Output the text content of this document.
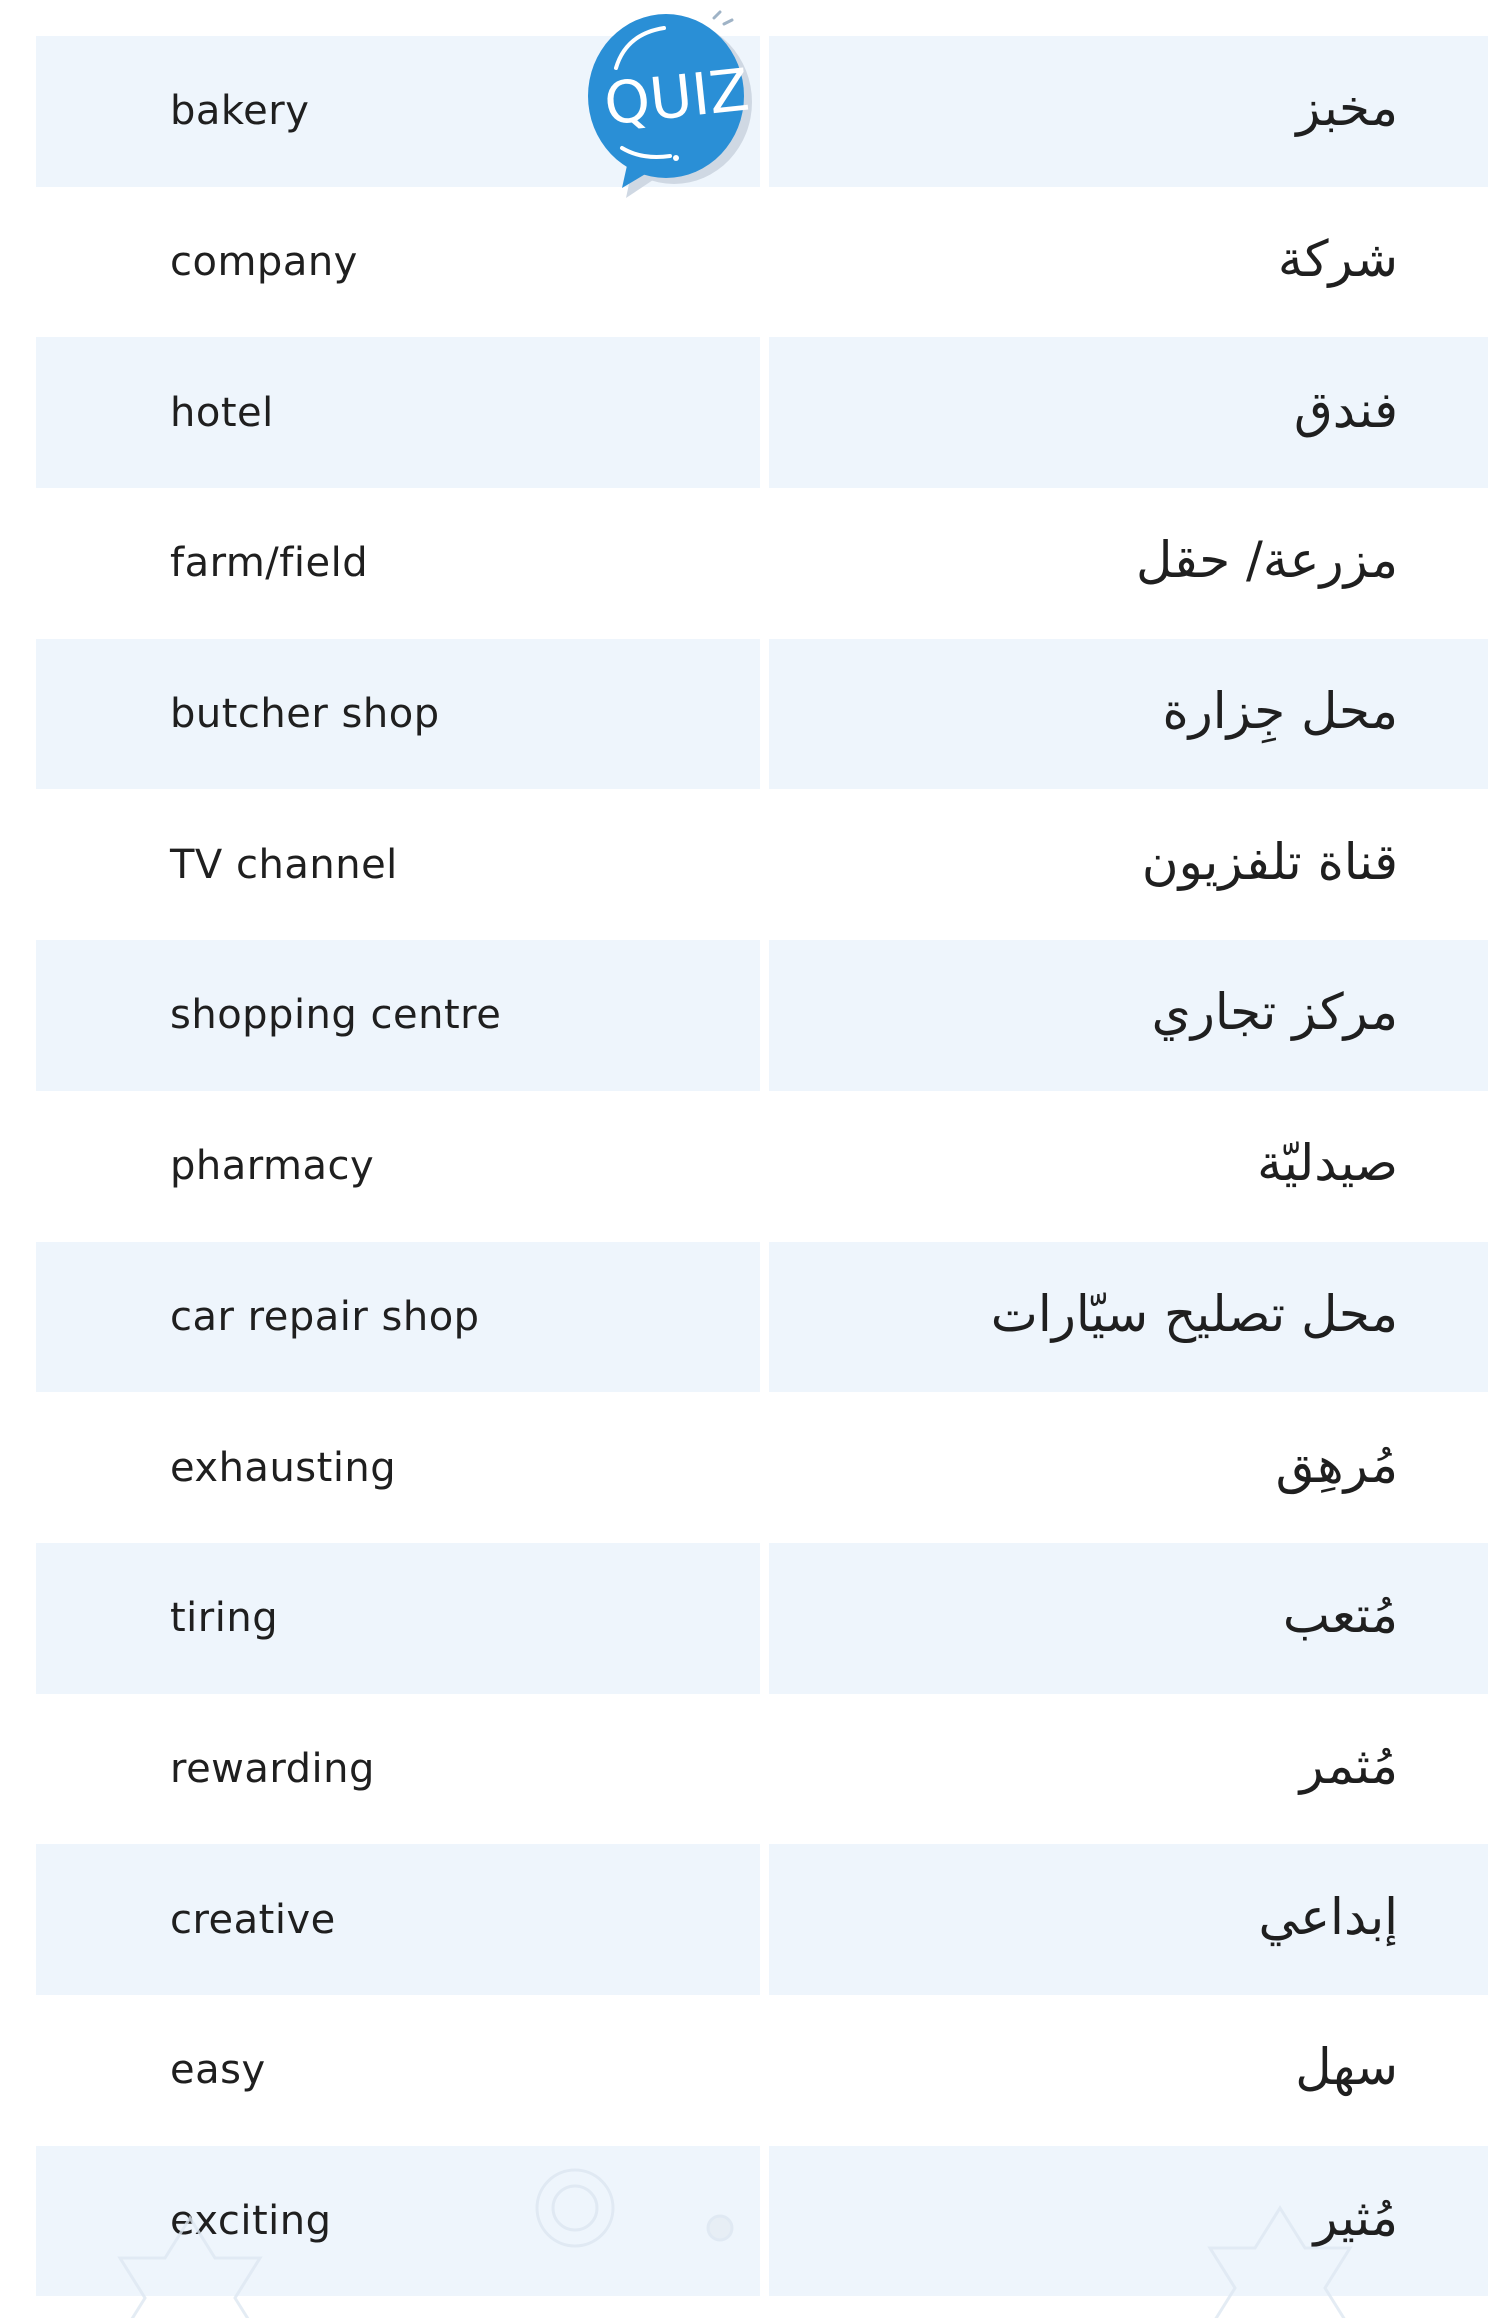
bakery	مخبز
company	شركة
hotel	فندق
farm/field	مزرعة/ حقل
butcher shop	محل جِزارة
TV channel	قناة تلفزيون
shopping centre	مركز تجاري
pharmacy	صيدليّة
car repair shop	محل تصليح سيّارات
exhausting	مُرهِق
tiring	مُتعب
rewarding	مُثمر
creative	إبداعي
easy	سهل
exciting	مُثير
QUIZ
